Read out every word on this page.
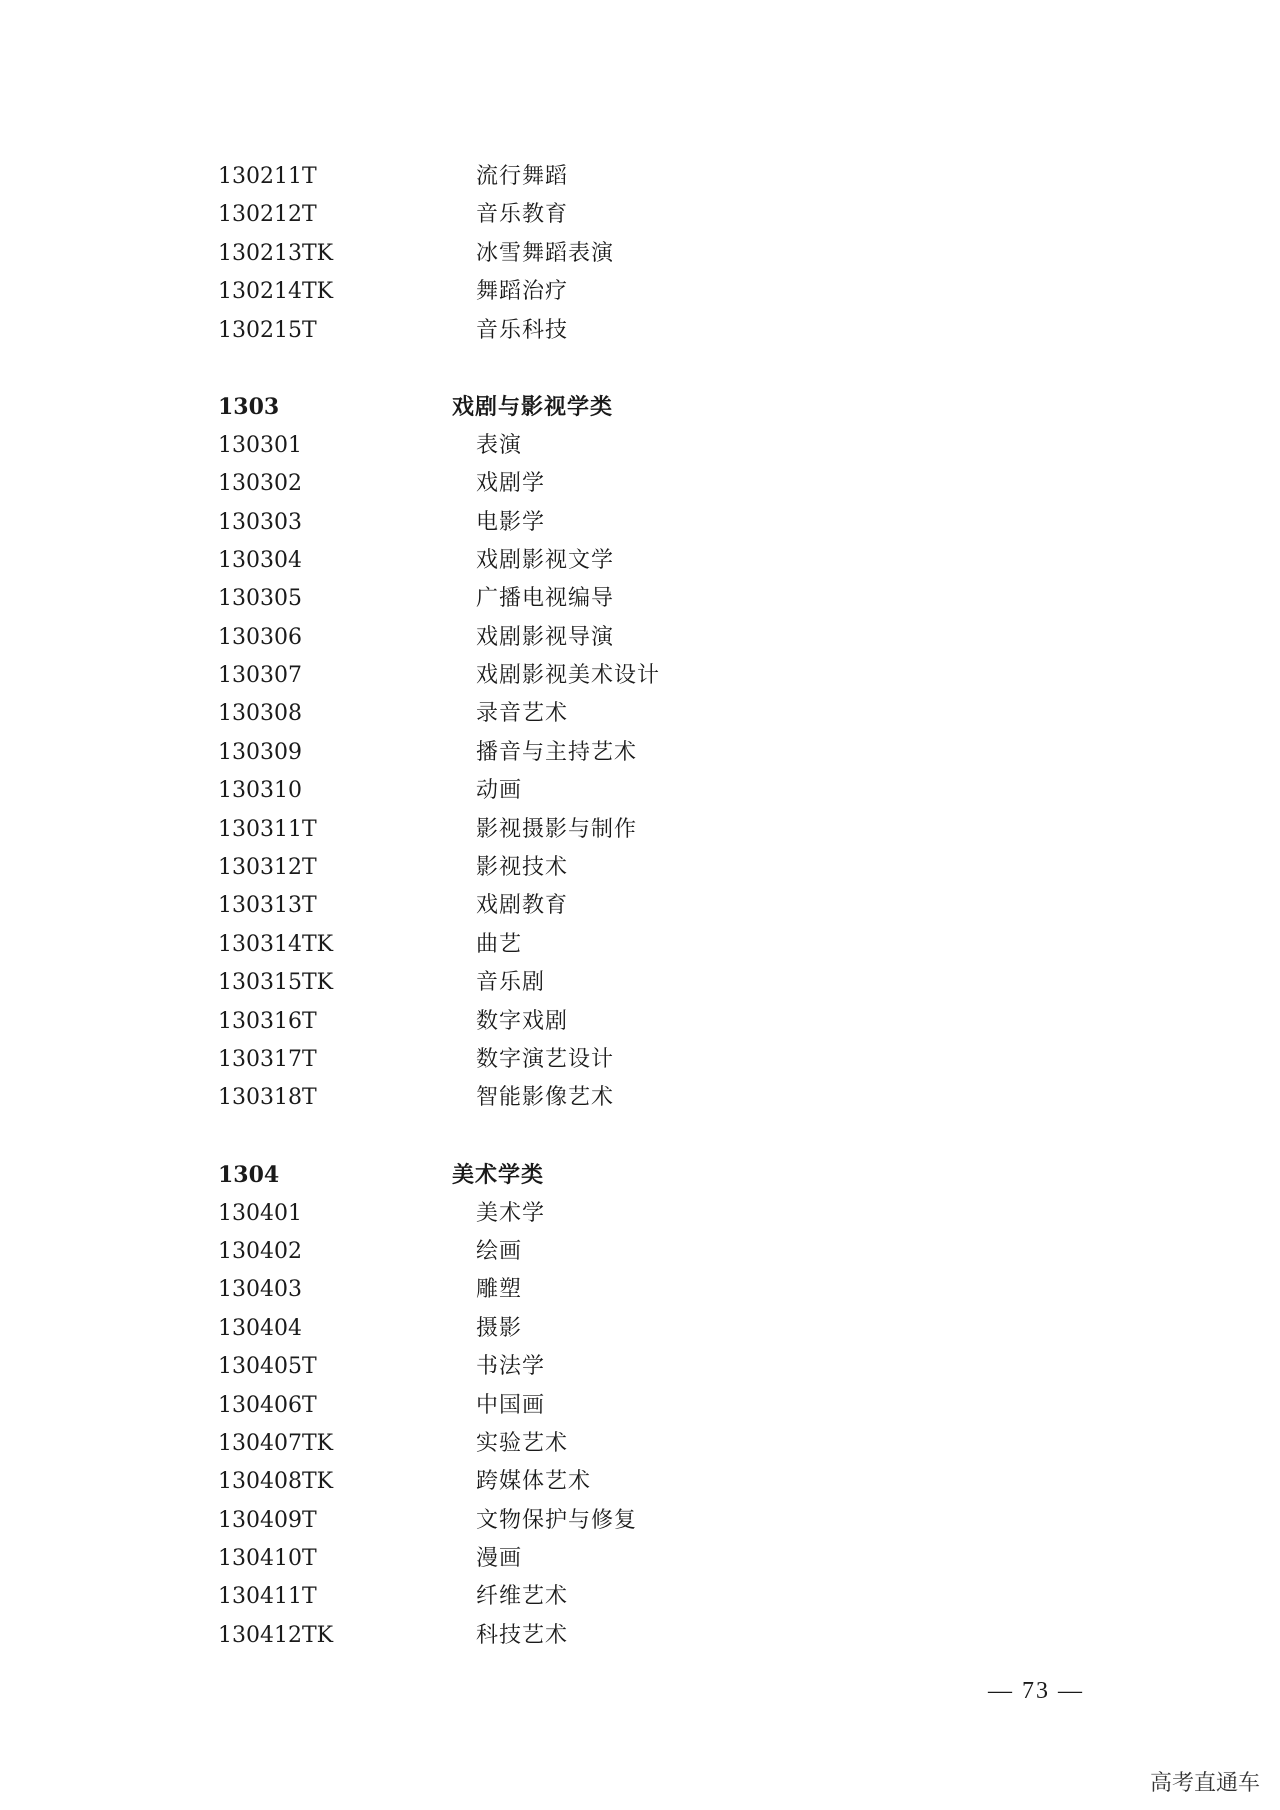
130211T	流行舞蹈
130212T	音乐教育
130213TK	冰雪舞蹈表演
130214TK	舞蹈治疗
130215T	音乐科技
1303	戏剧与影视学类
130301	表演
130302	戏剧学
130303	电影学
130304	戏剧影视文学
130305	广播电视编导
130306	戏剧影视导演
130307	戏剧影视美术设计
130308	录音艺术
130309	播音与主持艺术
130310	动画
130311T	影视摄影与制作
130312T	影视技术
130313T	戏剧教育
130314TK	曲艺
130315TK	音乐剧
130316T	数字戏剧
130317T	数字演艺设计
130318T	智能影像艺术
1304	美术学类
130401	美术学
130402	绘画
130403	雕塑
130404	摄影
130405T	书法学
130406T	中国画
130407TK	实验艺术
130408TK	跨媒体艺术
130409T	文物保护与修复
130410T	漫画
130411T	纤维艺术
130412TK	科技艺术
— 73 —
高考直通车
